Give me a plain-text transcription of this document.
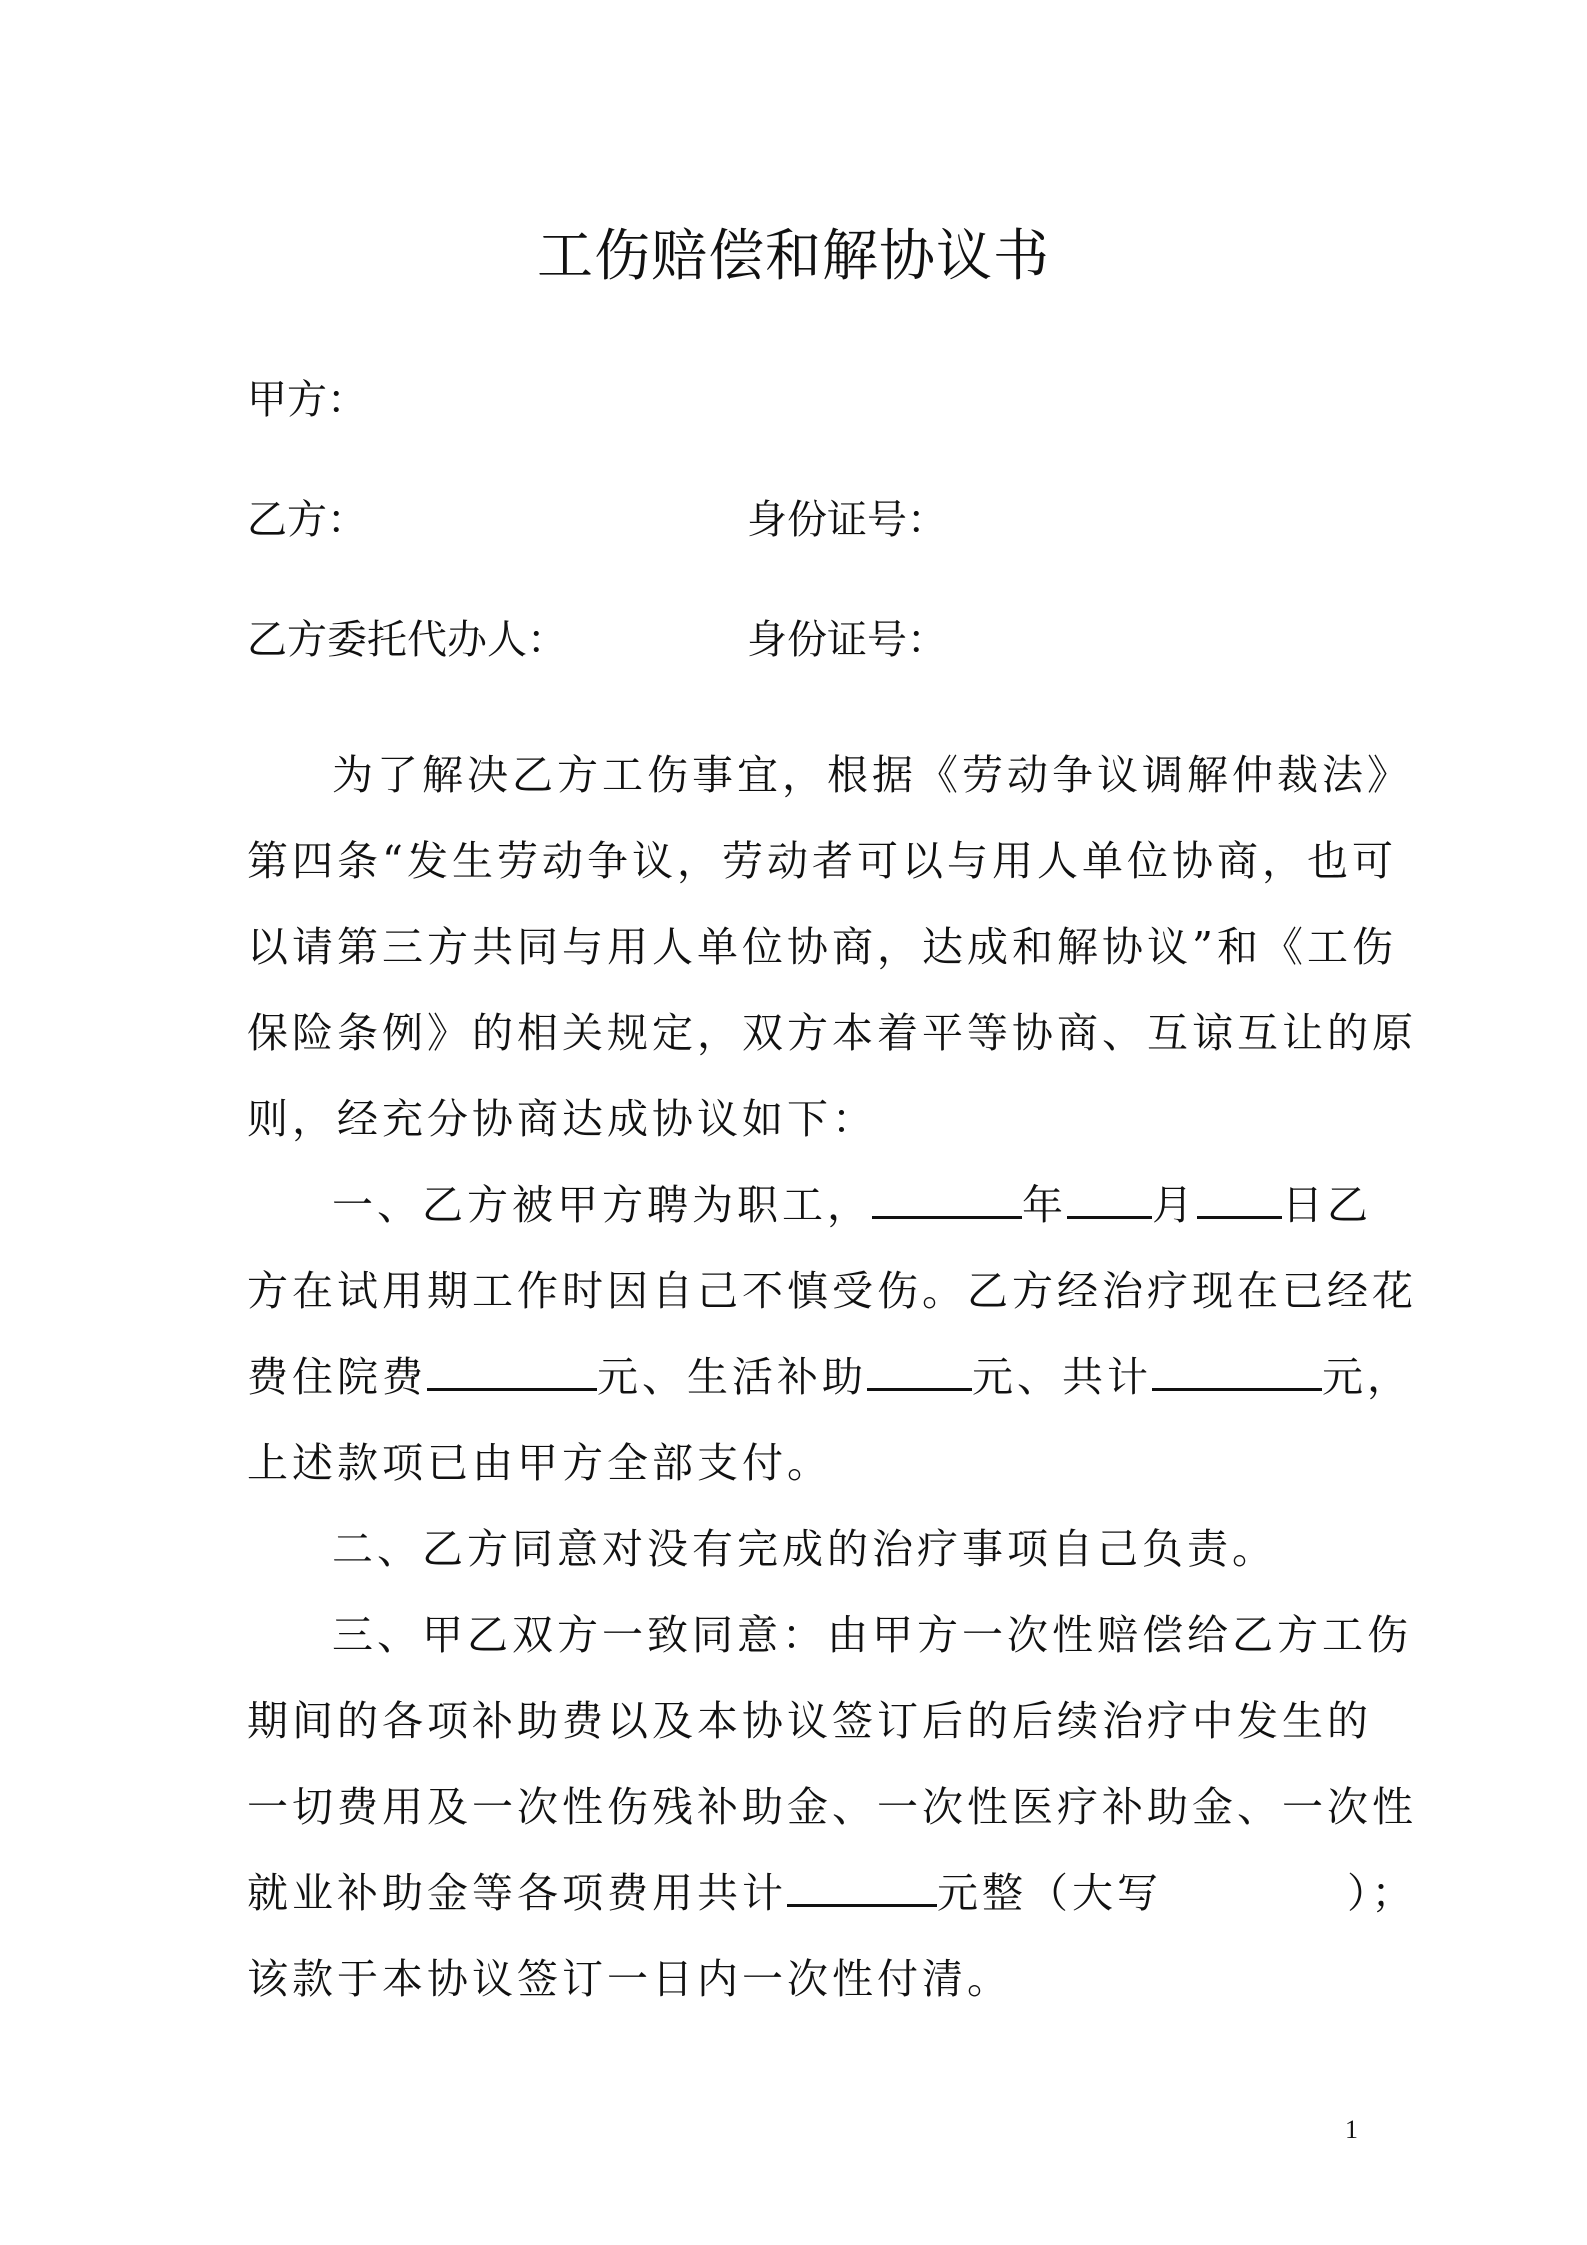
工伤赔偿和解协议书
甲方：
乙方：	身份证号：
乙方委托代办人：	身份证号：
为了解决乙方工伤事宜，根据《劳动争议调解仲裁法》
第四条“发生劳动争议，劳动者可以与用人单位协商，也可
以请第三方共同与用人单位协商，达成和解协议”和《工伤
保险条例》的相关规定，双方本着平等协商、互谅互让的原
则，经充分协商达成协议如下：
一、乙方被甲方聘为职工，	年 月 日乙
方在试用期工作时因自己不慎受伤。乙方经治疗现在已经花
费住院费	元、生活补助	元、共计	元，
上述款项已由甲方全部支付。
二、乙方同意对没有完成的治疗事项自己负责。
三、甲乙双方一致同意：由甲方一次性赔偿给乙方工伤
期间的各项补助费以及本协议签订后的后续治疗中发生的
一切费用及一次性伤残补助金、一次性医疗补助金、一次性
就业补助金等各项费用共计	元整（大写	）；
该款于本协议签订一日内一次性付清。
1
